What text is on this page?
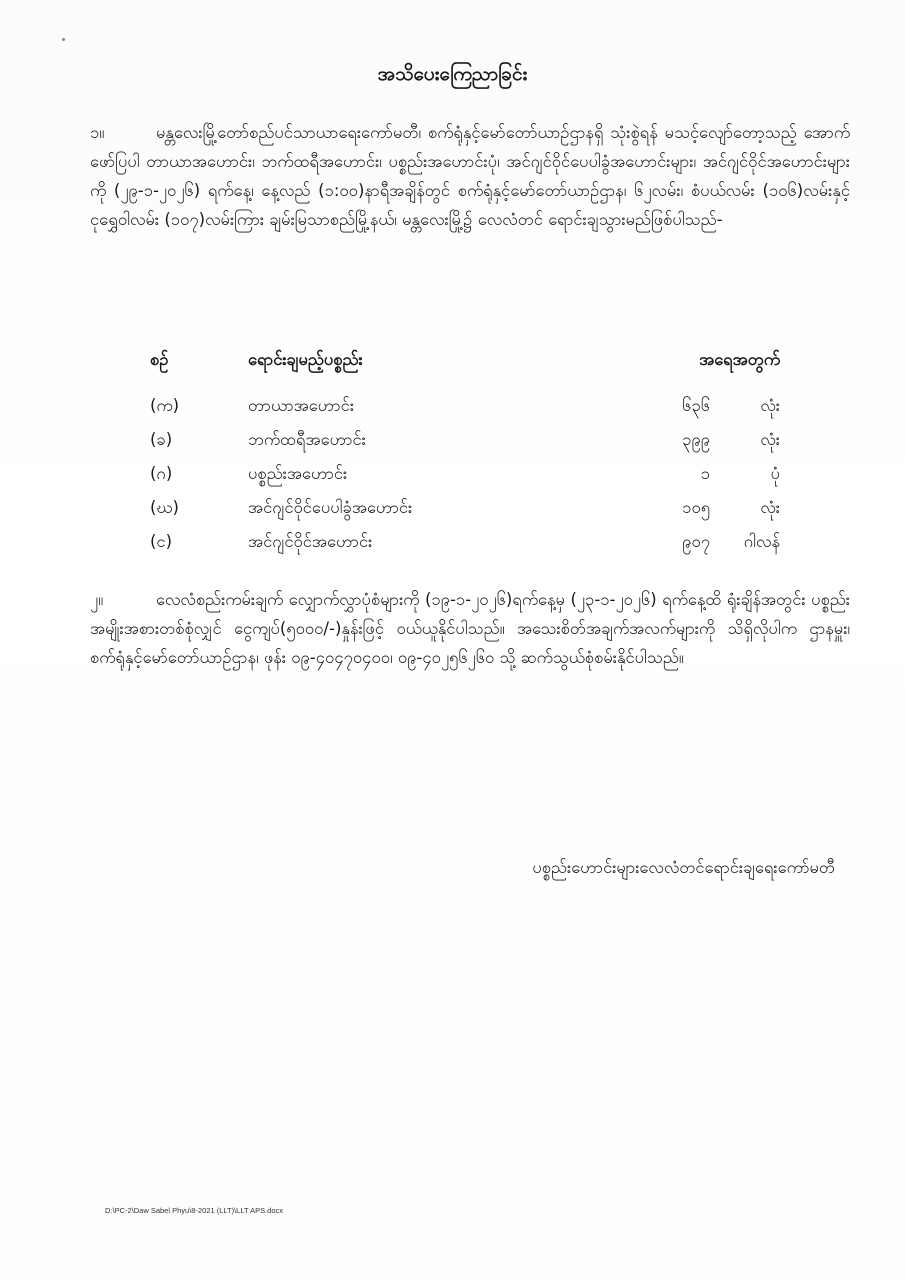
အသိပေးကြေညာခြင်း
၁။	မန္တလေးမြို့တော်စည်ပင်သာယာရေးကော်မတီ၊ စက်ရုံနှင့်မော်တော်ယာဉ်ဌာနရှိ သုံးစွဲရန် မသင့်လျော်တော့သည့် အောက်ဖော်ပြပါ တာယာအဟောင်း၊ ဘက်ထရီအဟောင်း၊ ပစ္စည်းအဟောင်းပုံ၊ အင်ဂျင်ဝိုင်ပေပါခွံအဟောင်းများ၊ အင်ဂျင်ဝိုင်အဟောင်းများကို (၂၉-၁-၂၀၂၆) ရက်နေ့၊ နေ့လည် (၁:၀၀)နာရီအချိန်တွင် စက်ရုံနှင့်မော်တော်ယာဉ်ဌာန၊ ၆၂လမ်း၊ စံပယ်လမ်း (၁၀၆)လမ်းနှင့် ငုရွှေဝါလမ်း (၁၀၇)လမ်းကြား ချမ်းမြသာစည်မြို့နယ်၊ မန္တလေးမြို့၌ လေလံတင် ရောင်းချသွားမည်ဖြစ်ပါသည်-
စဉ်	ရောင်းချမည့်ပစ္စည်း	အရေအတွက်
(က)	တာယာအဟောင်း	၆၃၆	လုံး
(ခ)	ဘက်ထရီအဟောင်း	၃၉၉	လုံး
(ဂ)	ပစ္စည်းအဟောင်း	၁	ပုံ
(ဃ)	အင်ဂျင်ဝိုင်ပေပါခွံအဟောင်း	၁၀၅	လုံး
(င)	အင်ဂျင်ဝိုင်အဟောင်း	၉၀၇	ဂါလန်
၂။	လေလံစည်းကမ်းချက် လျှောက်လွှာပုံစံများကို (၁၉-၁-၂၀၂၆)ရက်နေ့မှ (၂၃-၁-၂၀၂၆) ရက်နေ့ထိ ရုံးချိန်အတွင်း ပစ္စည်းအမျိုးအစားတစ်စုံလျှင် ငွေကျပ်(၅၀၀၀/-)နှုန်းဖြင့် ဝယ်ယူနိုင်ပါသည်။ အသေးစိတ်အချက်အလက်များကို သိရှိလိုပါက ဌာနမှူး၊ စက်ရုံနှင့်မော်တော်ယာဉ်ဌာန၊ ဖုန်း ၀၉-၄၀၄၇၀၄၀၀၊ ၀၉-၄၀၂၅၆၂၆၀ သို့ ဆက်သွယ်စုံစမ်းနိုင်ပါသည်။
ပစ္စည်းဟောင်းများလေလံတင်ရောင်းချရေးကော်မတီ
D:\PC-2\Daw Sabel Phyu\8-2021 (LLT)\LLT APS.docx
